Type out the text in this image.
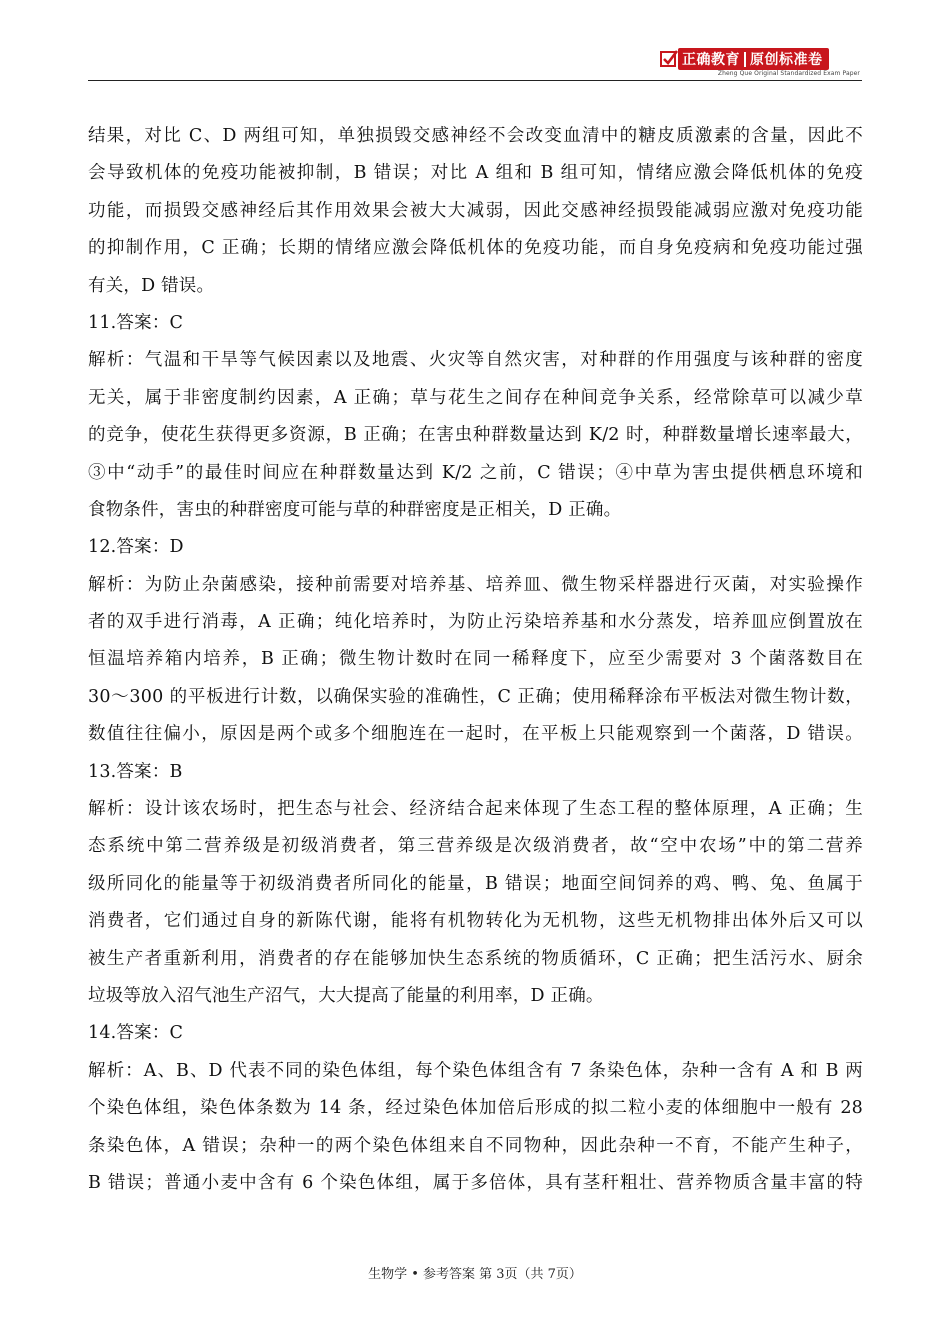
正确教育 原创标准卷
Zheng Que Original Standardized Exam Paper
结果，对比 C、D 两组可知，单独损毁交感神经不会改变血清中的糖皮质激素的含量，因此不
会导致机体的免疫功能被抑制，B 错误；对比 A 组和 B 组可知，情绪应激会降低机体的免疫
功能，而损毁交感神经后其作用效果会被大大减弱，因此交感神经损毁能减弱应激对免疫功能
的抑制作用，C 正确；长期的情绪应激会降低机体的免疫功能，而自身免疫病和免疫功能过强
有关，D 错误。
11.答案：C
解析：气温和干旱等气候因素以及地震、火灾等自然灾害，对种群的作用强度与该种群的密度
无关，属于非密度制约因素，A 正确；草与花生之间存在种间竞争关系，经常除草可以减少草
的竞争，使花生获得更多资源，B 正确；在害虫种群数量达到 K/2 时，种群数量增长速率最大，
③中“动手”的最佳时间应在种群数量达到 K/2 之前，C 错误；④中草为害虫提供栖息环境和
食物条件，害虫的种群密度可能与草的种群密度是正相关，D 正确。
12.答案：D
解析：为防止杂菌感染，接种前需要对培养基、培养皿、微生物采样器进行灭菌，对实验操作
者的双手进行消毒，A 正确；纯化培养时，为防止污染培养基和水分蒸发，培养皿应倒置放在
恒温培养箱内培养，B 正确；微生物计数时在同一稀释度下，应至少需要对 3 个菌落数目在
30～300 的平板进行计数，以确保实验的准确性，C 正确；使用稀释涂布平板法对微生物计数，
数值往往偏小，原因是两个或多个细胞连在一起时，在平板上只能观察到一个菌落，D 错误。
13.答案：B
解析：设计该农场时，把生态与社会、经济结合起来体现了生态工程的整体原理，A 正确；生
态系统中第二营养级是初级消费者，第三营养级是次级消费者，故“空中农场”中的第二营养
级所同化的能量等于初级消费者所同化的能量，B 错误；地面空间饲养的鸡、鸭、兔、鱼属于
消费者，它们通过自身的新陈代谢，能将有机物转化为无机物，这些无机物排出体外后又可以
被生产者重新利用，消费者的存在能够加快生态系统的物质循环，C 正确；把生活污水、厨余
垃圾等放入沼气池生产沼气，大大提高了能量的利用率，D 正确。
14.答案：C
解析：A、B、D 代表不同的染色体组，每个染色体组含有 7 条染色体，杂种一含有 A 和 B 两
个染色体组，染色体条数为 14 条，经过染色体加倍后形成的拟二粒小麦的体细胞中一般有 28
条染色体，A 错误；杂种一的两个染色体组来自不同物种，因此杂种一不育，不能产生种子，
B 错误；普通小麦中含有 6 个染色体组，属于多倍体，具有茎秆粗壮、营养物质含量丰富的特
生物学 • 参考答案 第 3页（共 7页）
